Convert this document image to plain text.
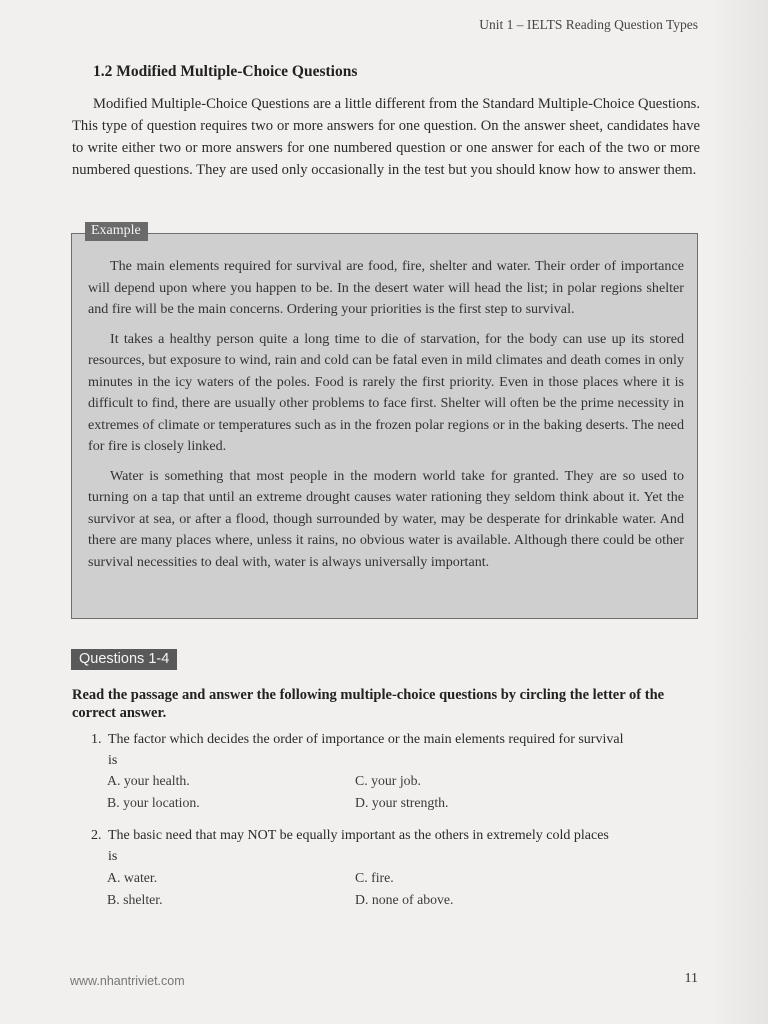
Unit 1 – IELTS Reading Question Types
1.2 Modified Multiple-Choice Questions

Modified Multiple-Choice Questions are a little different from the Standard Multiple-Choice Questions. This type of question requires two or more answers for one question. On the answer sheet, candidates have to write either two or more answers for one numbered question or one answer for each of the two or more numbered questions. They are used only occasionally in the test but you should know how to answer them.

Example

The main elements required for survival are food, fire, shelter and water. Their order of importance will depend upon where you happen to be. In the desert water will head the list; in polar regions shelter and fire will be the main concerns. Ordering your priorities is the first step to survival.

It takes a healthy person quite a long time to die of starvation, for the body can use up its stored resources, but exposure to wind, rain and cold can be fatal even in mild climates and death comes in only minutes in the icy waters of the poles. Food is rarely the first priority. Even in those places where it is difficult to find, there are usually other problems to face first. Shelter will often be the prime necessity in extremes of climate or temperatures such as in the frozen polar regions or in the baking deserts. The need for fire is closely linked.

Water is something that most people in the modern world take for granted. They are so used to turning on a tap that until an extreme drought causes water rationing they seldom think about it. Yet the survivor at sea, or after a flood, though surrounded by water, may be desperate for drinkable water. And there are many places where, unless it rains, no obvious water is available. Although there could be other survival necessities to deal with, water is always universally important.

Questions 1-4

Read the passage and answer the following multiple-choice questions by circling the letter of the correct answer.

1. The factor which decides the order of importance or the main elements required for survival
is
A. your health.
B. your location.
C. your job.
D. your strength.
2. The basic need that may NOT be equally important as the others in extremely cold places
is
A. water.
B. shelter.
C. fire.
D. none of above.
www.nhantriviet.com	11
